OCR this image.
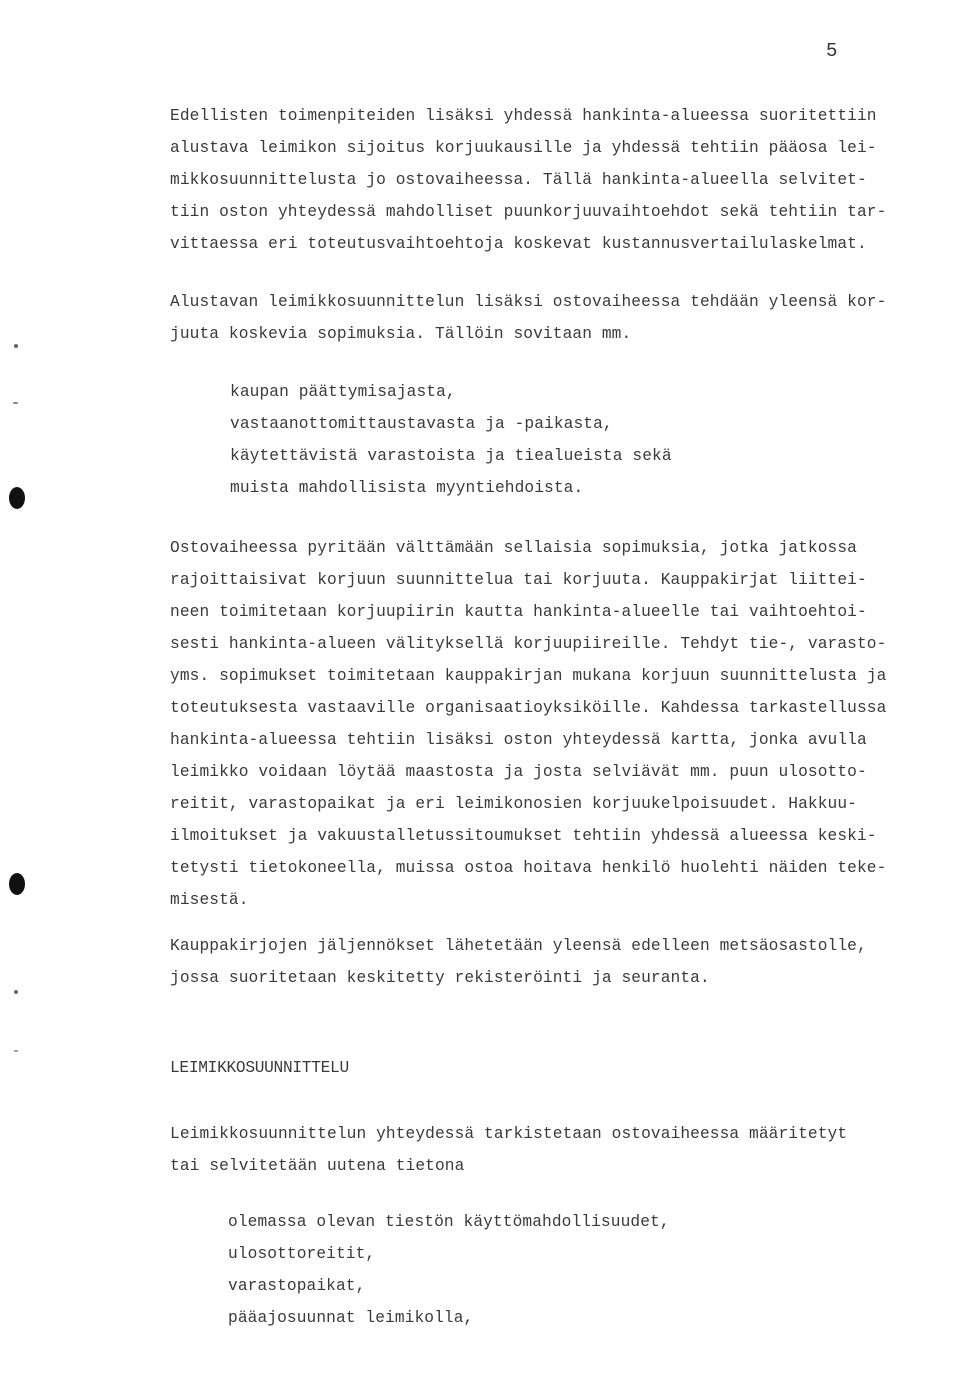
5
Edellisten toimenpiteiden lisäksi yhdessä hankinta-alueessa suoritettiin
alustava leimikon sijoitus korjuukausille ja yhdessä tehtiin pääosa lei-
mikkosuunnittelusta jo ostovaiheessa. Tällä hankinta-alueella selvitet-
tiin oston yhteydessä mahdolliset puunkorjuuvaihtoehdot sekä tehtiin tar-
vittaessa eri toteutusvaihtoehtoja koskevat kustannusvertailulaskelmat.
Alustavan leimikkosuunnittelun lisäksi ostovaiheessa tehdään yleensä kor-
juuta koskevia sopimuksia. Tällöin sovitaan mm.
kaupan päättymisajasta,
vastaanottomittaustavasta ja -paikasta,
käytettävistä varastoista ja tiealueista sekä
muista mahdollisista myyntiehdoista.
Ostovaiheessa pyritään välttämään sellaisia sopimuksia, jotka jatkossa
rajoittaisivat korjuun suunnittelua tai korjuuta. Kauppakirjat liittei-
neen toimitetaan korjuupiirin kautta hankinta-alueelle tai vaihtoehtoi-
sesti hankinta-alueen välityksellä korjuupiireille. Tehdyt tie-, varasto-
yms. sopimukset toimitetaan kauppakirjan mukana korjuun suunnittelusta ja
toteutuksesta vastaaville organisaatioyksiköille. Kahdessa tarkastellussa
hankinta-alueessa tehtiin lisäksi oston yhteydessä kartta, jonka avulla
leimikko voidaan löytää maastosta ja josta selviävät mm. puun ulosotto-
reitit, varastopaikat ja eri leimikonosien korjuukelpoisuudet. Hakkuu-
ilmoitukset ja vakuustalletussitoumukset tehtiin yhdessä alueessa keski-
tetysti tietokoneella, muissa ostoa hoitava henkilö huolehti näiden teke-
misestä.
Kauppakirjojen jäljennökset lähetetään yleensä edelleen metsäosastolle,
jossa suoritetaan keskitetty rekisteröinti ja seuranta.
LEIMIKKOSUUNNITTELU
Leimikkosuunnittelun yhteydessä tarkistetaan ostovaiheessa määritetyt
tai selvitetään uutena tietona
olemassa olevan tiestön käyttömahdollisuudet,
ulosottoreitit,
varastopaikat,
pääajosuunnat leimikolla,
